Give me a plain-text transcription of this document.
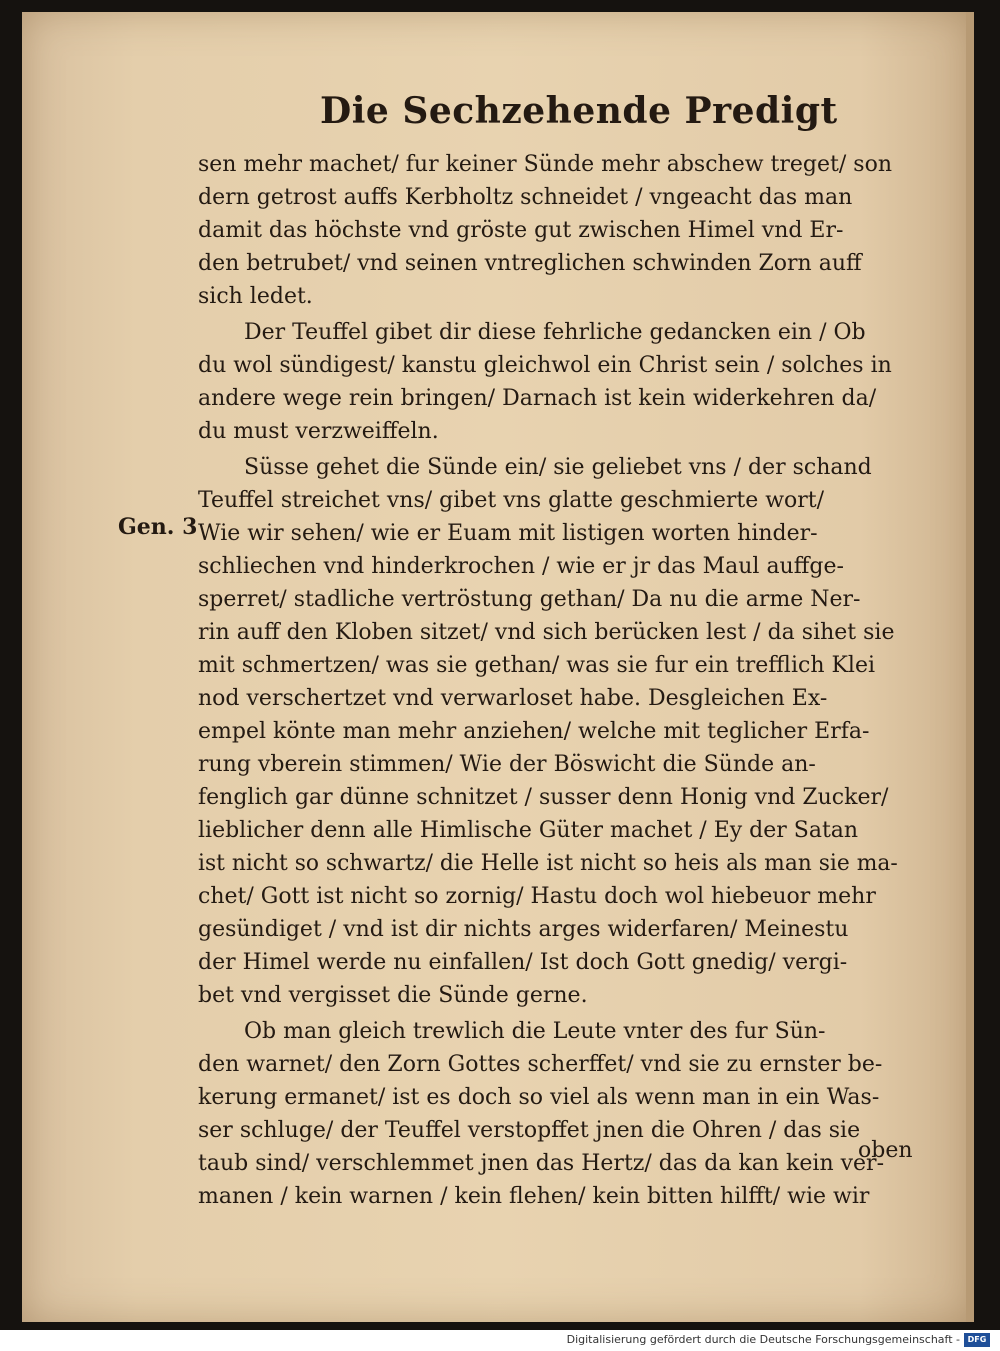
Die Sechzehende Predigt
Gen. 3
sen mehr machet/ fur keiner Sünde mehr abschew treget/ son
dern getrost auffs Kerbholtz schneidet / vngeacht das man
damit das höchste vnd gröste gut zwischen Himel vnd Er-
den betrubet/ vnd seinen vntreglichen schwinden Zorn auff
sich ledet.
Der Teuffel gibet dir diese fehrliche gedancken ein / Ob
du wol sündigest/ kanstu gleichwol ein Christ sein / solches in
andere wege rein bringen/ Darnach ist kein widerkehren da/
du must verzweiffeln.
Süsse gehet die Sünde ein/ sie geliebet vns / der schand
Teuffel streichet vns/ gibet vns glatte geschmierte wort/
Wie wir sehen/ wie er Euam mit listigen worten hinder-
schliechen vnd hinderkrochen / wie er jr das Maul auffge-
sperret/ stadliche vertröstung gethan/ Da nu die arme Ner-
rin auff den Kloben sitzet/ vnd sich berücken lest / da sihet sie
mit schmertzen/ was sie gethan/ was sie fur ein trefflich Klei
nod verschertzet vnd verwarloset habe. Desgleichen Ex-
empel könte man mehr anziehen/ welche mit teglicher Erfa-
rung vberein stimmen/ Wie der Böswicht die Sünde an-
fenglich gar dünne schnitzet / susser denn Honig vnd Zucker/
lieblicher denn alle Himlische Güter machet / Ey der Satan
ist nicht so schwartz/ die Helle ist nicht so heis als man sie ma-
chet/ Gott ist nicht so zornig/ Hastu doch wol hiebeuor mehr
gesündiget / vnd ist dir nichts arges widerfaren/ Meinestu
der Himel werde nu einfallen/ Ist doch Gott gnedig/ vergi-
bet vnd vergisset die Sünde gerne.
Ob man gleich trewlich die Leute vnter des fur Sün-
den warnet/ den Zorn Gottes scherffet/ vnd sie zu ernster be-
kerung ermanet/ ist es doch so viel als wenn man in ein Was-
ser schluge/ der Teuffel verstopffet jnen die Ohren / das sie
taub sind/ verschlemmet jnen das Hertz/ das da kan kein ver-
manen / kein warnen / kein flehen/ kein bitten hilfft/ wie wir
oben
Digitalisierung gefördert durch die Deutsche Forschungsgemeinschaft - DFG
